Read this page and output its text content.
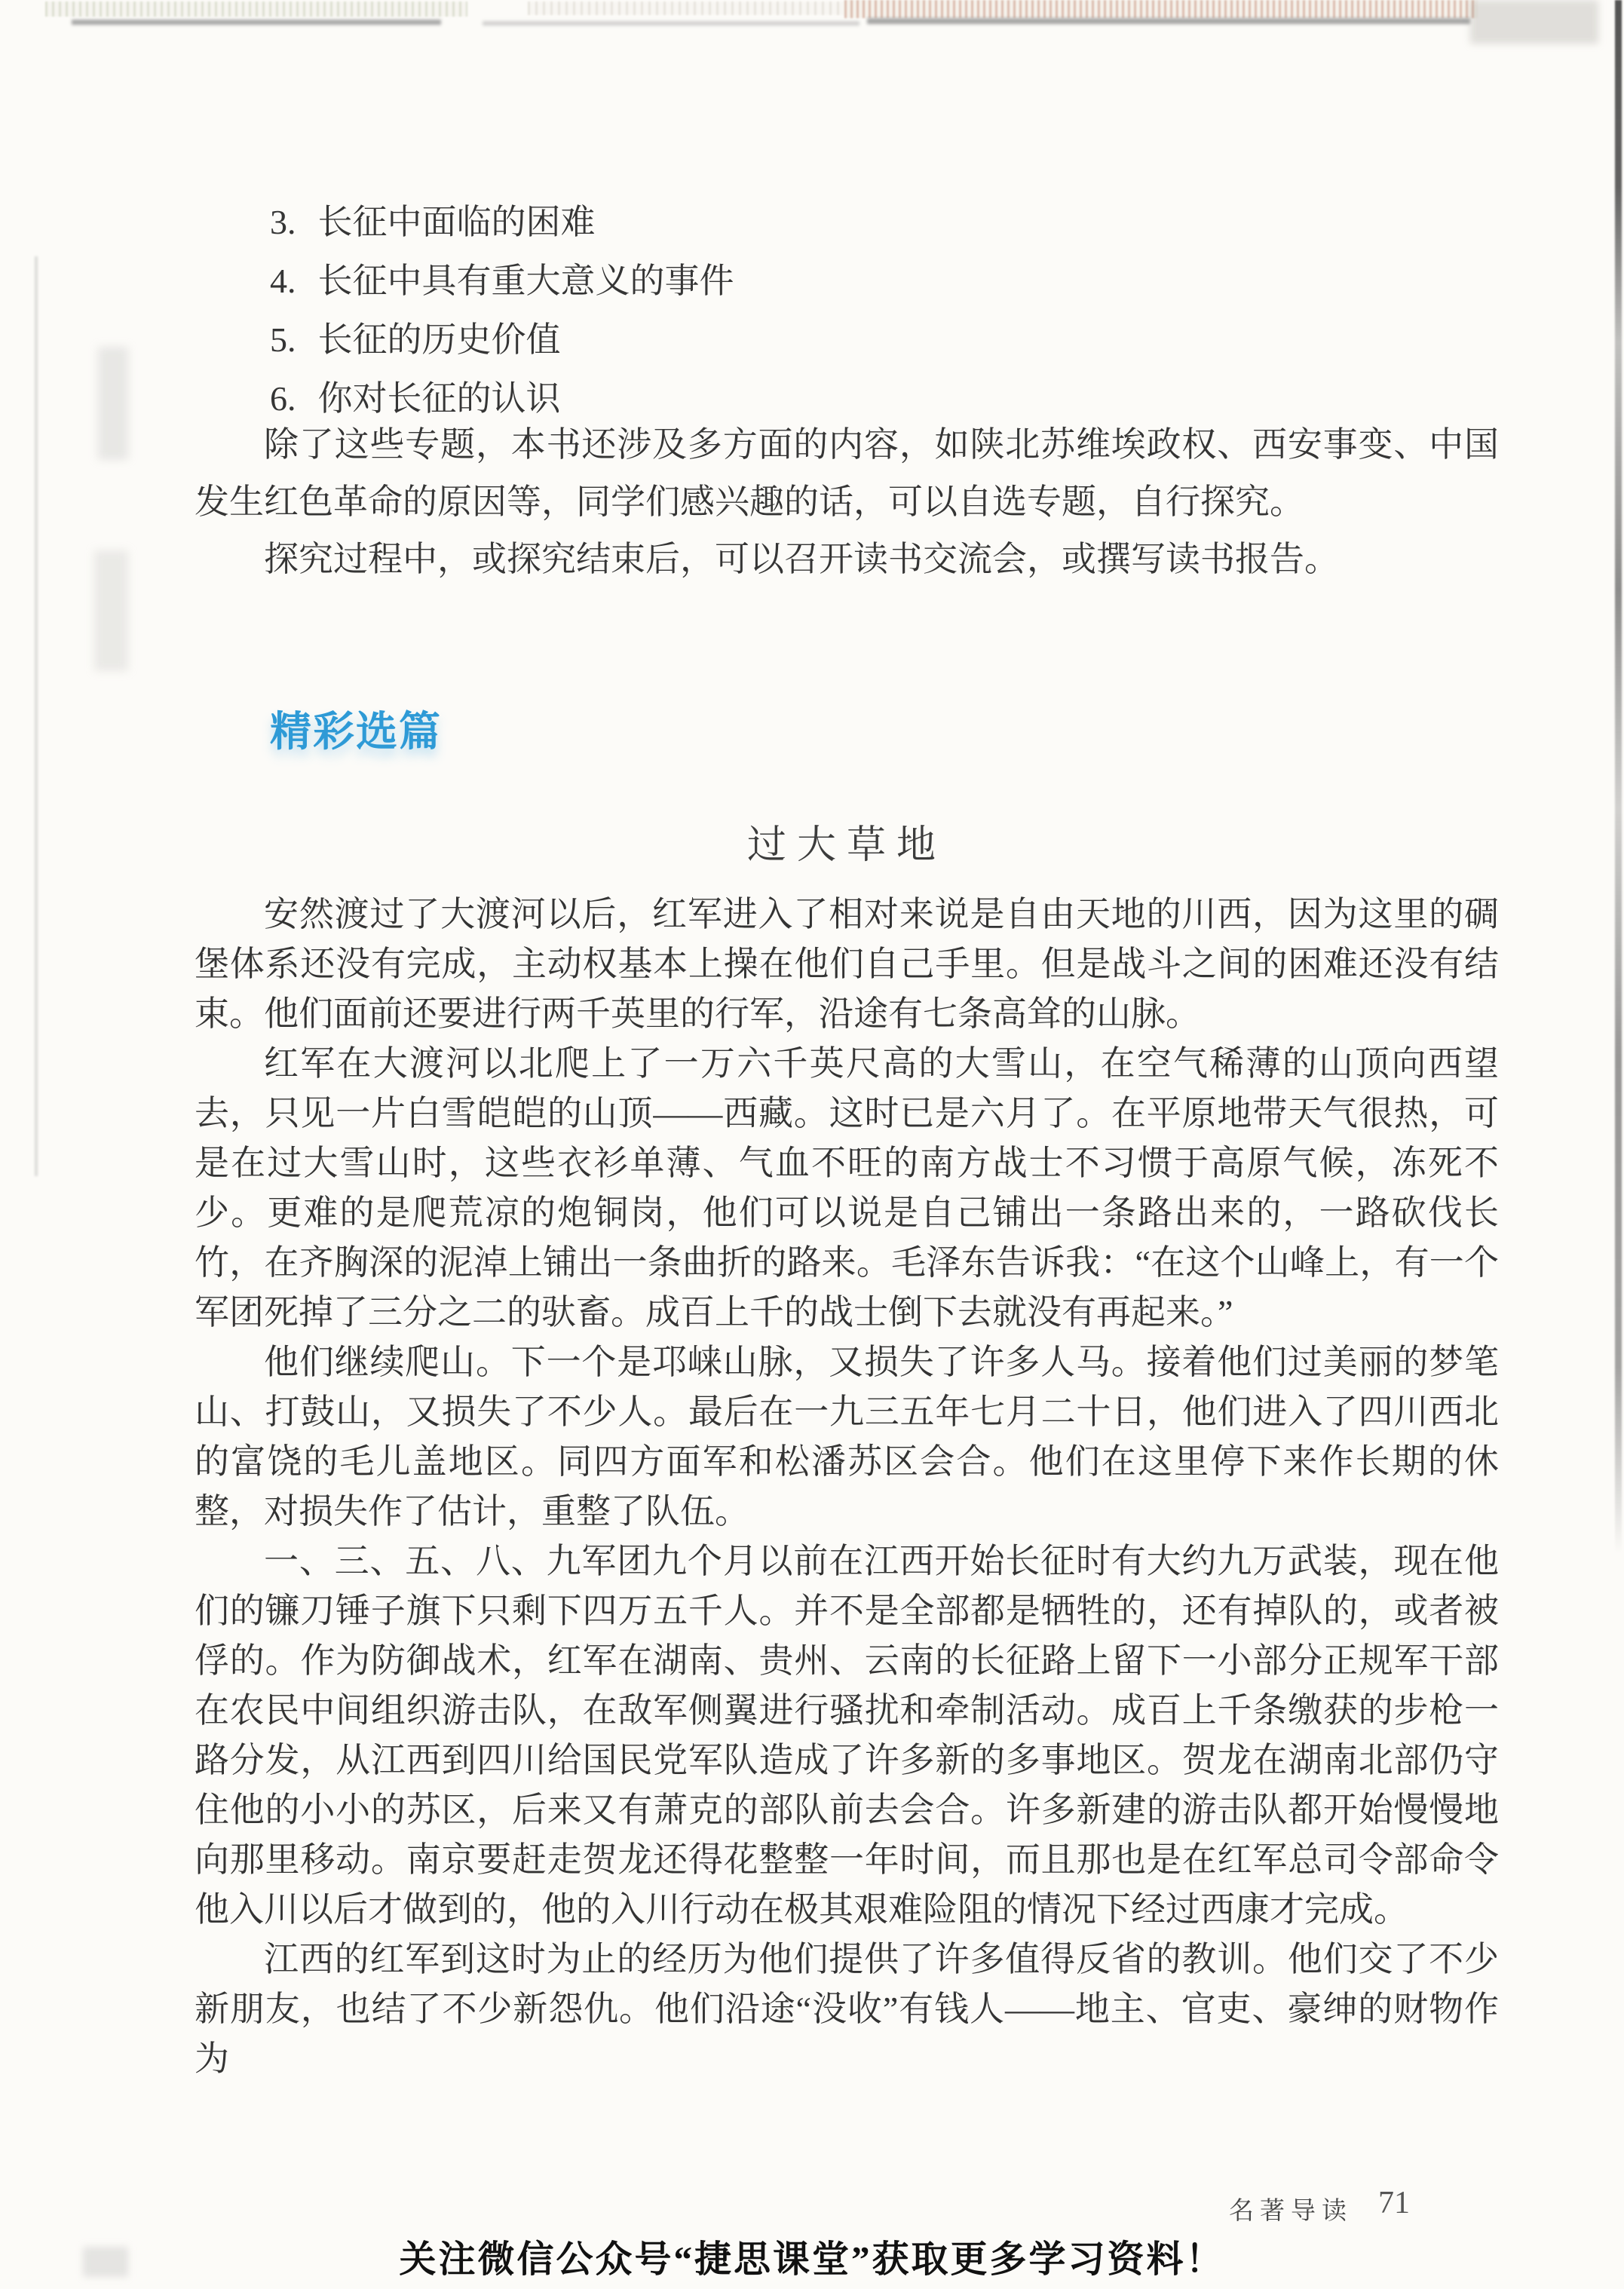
3. 长征中面临的困难
4. 长征中具有重大意义的事件
5. 长征的历史价值
6. 你对长征的认识

除了这些专题，本书还涉及多方面的内容，如陕北苏维埃政权、西安事变、中国发生红色革命的原因等，同学们感兴趣的话，可以自选专题，自行探究。

探究过程中，或探究结束后，可以召开读书交流会，或撰写读书报告。

精彩选篇
过大草地

安然渡过了大渡河以后，红军进入了相对来说是自由天地的川西，因为这里的碉堡体系还没有完成，主动权基本上操在他们自己手里。但是战斗之间的困难还没有结束。他们面前还要进行两千英里的行军，沿途有七条高耸的山脉。

红军在大渡河以北爬上了一万六千英尺高的大雪山，在空气稀薄的山顶向西望去，只见一片白雪皑皑的山顶——西藏。这时已是六月了。在平原地带天气很热，可是在过大雪山时，这些衣衫单薄、气血不旺的南方战士不习惯于高原气候，冻死不少。更难的是爬荒凉的炮铜岗，他们可以说是自己铺出一条路出来的，一路砍伐长竹，在齐胸深的泥淖上铺出一条曲折的路来。毛泽东告诉我：“在这个山峰上，有一个军团死掉了三分之二的驮畜。成百上千的战士倒下去就没有再起来。”

他们继续爬山。下一个是邛崃山脉，又损失了许多人马。接着他们过美丽的梦笔山、打鼓山，又损失了不少人。最后在一九三五年七月二十日，他们进入了四川西北的富饶的毛儿盖地区。同四方面军和松潘苏区会合。他们在这里停下来作长期的休整，对损失作了估计，重整了队伍。

一、三、五、八、九军团九个月以前在江西开始长征时有大约九万武装，现在他们的镰刀锤子旗下只剩下四万五千人。并不是全部都是牺牲的，还有掉队的，或者被俘的。作为防御战术，红军在湖南、贵州、云南的长征路上留下一小部分正规军干部在农民中间组织游击队，在敌军侧翼进行骚扰和牵制活动。成百上千条缴获的步枪一路分发，从江西到四川给国民党军队造成了许多新的多事地区。贺龙在湖南北部仍守住他的小小的苏区，后来又有萧克的部队前去会合。许多新建的游击队都开始慢慢地向那里移动。南京要赶走贺龙还得花整整一年时间，而且那也是在红军总司令部命令他入川以后才做到的，他的入川行动在极其艰难险阻的情况下经过西康才完成。

江西的红军到这时为止的经历为他们提供了许多值得反省的教训。他们交了不少新朋友，也结了不少新怨仇。他们沿途“没收”有钱人——地主、官吏、豪绅的财物作为

名著导读 71
关注微信公众号“捷思课堂”获取更多学习资料！
